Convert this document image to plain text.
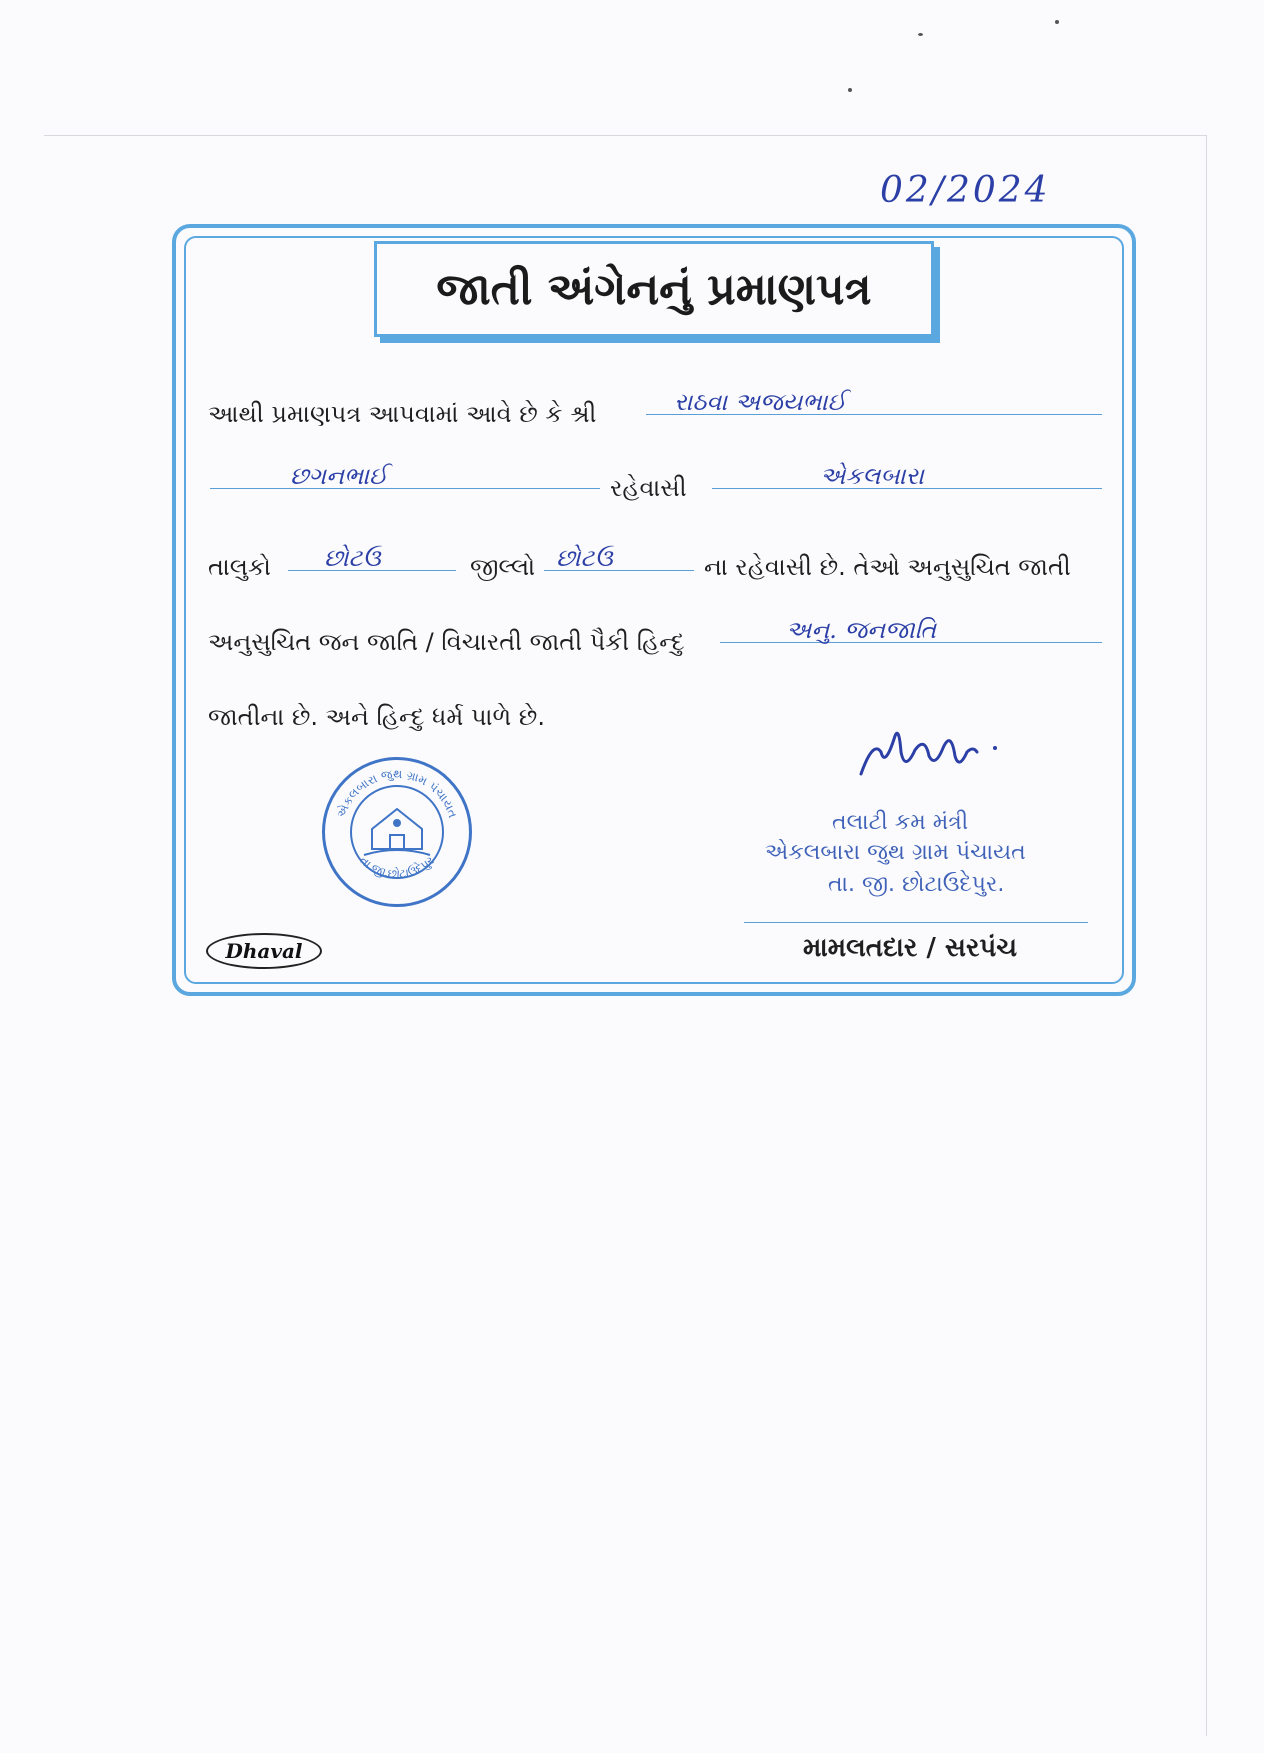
02/2024
જાતી અંગેનનું પ્રમાણપત્ર
આથી પ્રમાણપત્ર આપવામાં આવે છે કે શ્રી	રાઠવા અજયભાઈ
છગનભાઈ	રહેવાસી	એકલબારા
તાલુકો છોટઉ	જીલ્લો છોટઉ	ના રહેવાસી છે. તેઓ અનુસુચિત જાતી
અનુસુચિત જન જાતિ / વિચારતી જાતી પૈકી હિન્દુ	અનુ. જનજાતિ
જાતીના છે. અને હિન્દુ ધર્મ પાળે છે.
એકલબારા જુથ ગ્રામ પંચાયત
તા.જી.છોટાઉદેપુર
તલાટી કમ મંત્રી
એકલબારા જુથ ગ્રામ પંચાયત
તા. જી. છોટાઉદેપુર.
મામલતદાર / સરપંચ
Dhaval
